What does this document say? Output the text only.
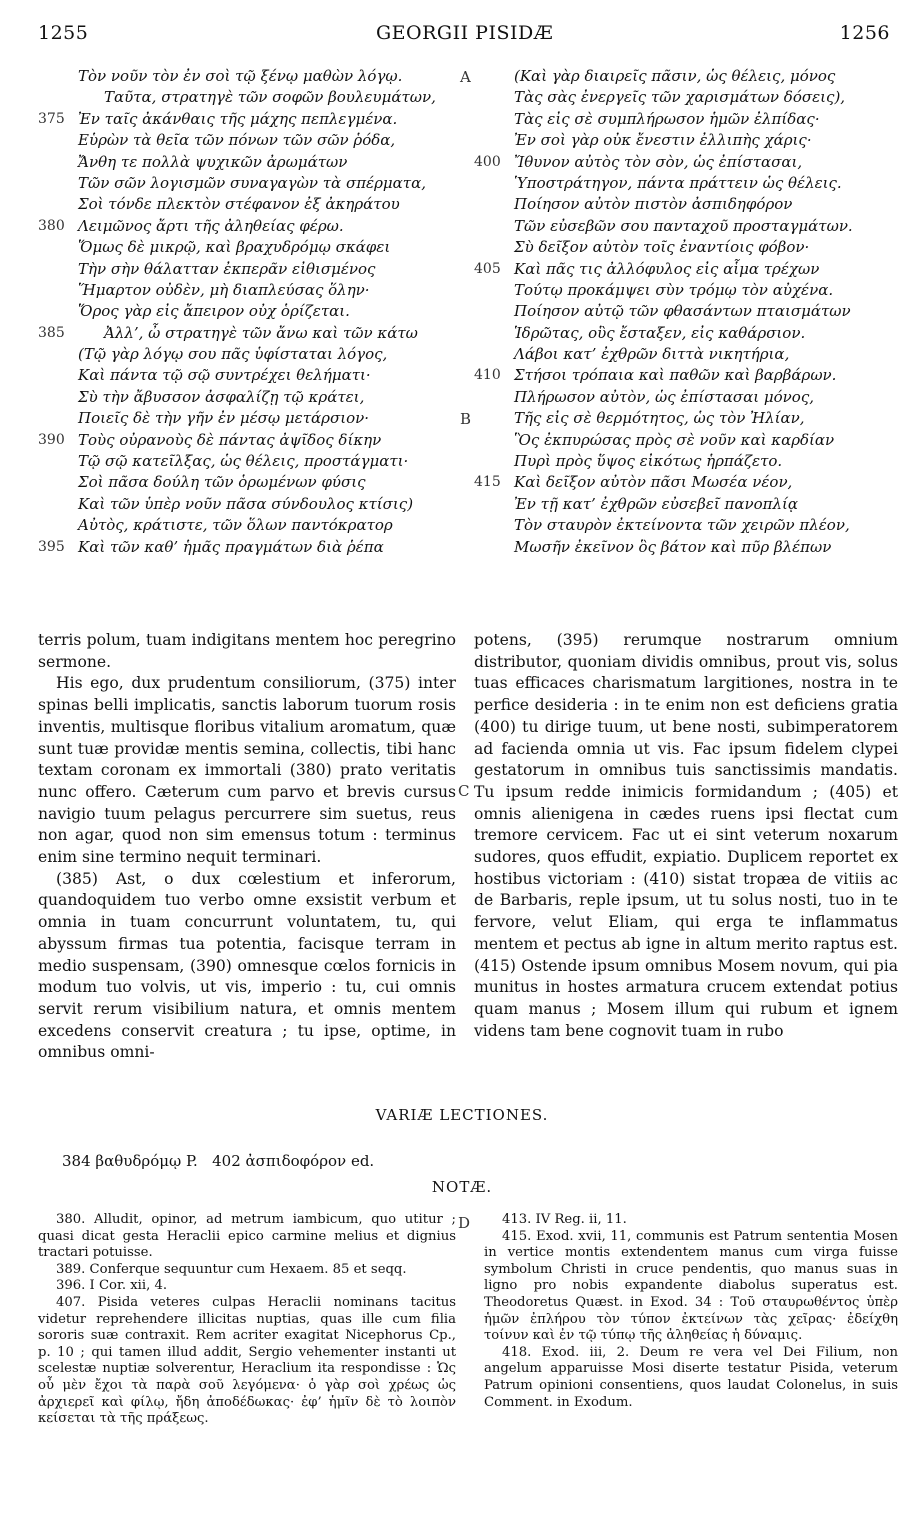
1255	GEORGII PISIDÆ	1256
Τὸν νοῦν τὸν ἐν σοὶ τῷ ξένῳ μαθὼν λόγῳ.
Ταῦτα, στρατηγὲ τῶν σοφῶν βουλευμάτων,
375 Ἐν ταῖς ἀκάνθαις τῆς μάχης πεπλεγμένα.
Εὑρὼν τὰ θεῖα τῶν πόνων τῶν σῶν ῥόδα,
Ἄνθη τε πολλὰ ψυχικῶν ἀρωμάτων
Τῶν σῶν λογισμῶν συναγαγὼν τὰ σπέρματα,
Σοὶ τόνδε πλεκτὸν στέφανον ἐξ ἀκηράτου
380 Λειμῶνος ἄρτι τῆς ἀληθείας φέρω.
Ὅμως δὲ μικρῷ, καὶ βραχυδρόμῳ σκάφει
Τὴν σὴν θάλατταν ἐκπερᾶν εἰθισμένος
Ἥμαρτον οὐδὲν, μὴ διαπλεύσας ὅλην·
Ὅρος γὰρ εἰς ἄπειρον οὐχ ὁρίζεται.
385	Ἀλλ’, ὦ στρατηγὲ τῶν ἄνω καὶ τῶν κάτω
(Τῷ γὰρ λόγῳ σου πᾶς ὑφίσταται λόγος,
Καὶ πάντα τῷ σῷ συντρέχει θελήματι·
Σὺ τὴν ἄβυσσον ἀσφαλίζῃ τῷ κράτει,
Ποιεῖς δὲ τὴν γῆν ἐν μέσῳ μετάρσιον·
390 Τοὺς οὐρανοὺς δὲ πάντας ἀψῖδος δίκην
Τῷ σῷ κατεῖλξας, ὡς θέλεις, προστάγματι·
Σοὶ πᾶσα δούλη τῶν ὁρωμένων φύσις
Καὶ τῶν ὑπὲρ νοῦν πᾶσα σύνδουλος κτίσις)
Αὐτὸς, κράτιστε, τῶν ὅλων παντόκρατορ
395 Καὶ τῶν καθ’ ἡμᾶς πραγμάτων διὰ ῥέπα
(Καὶ γὰρ διαιρεῖς πᾶσιν, ὡς θέλεις, μόνος
Τὰς σὰς ἐνεργεῖς τῶν χαρισμάτων δόσεις),
Τὰς εἰς σὲ συμπλήρωσον ἡμῶν ἐλπίδας·
Ἐν σοὶ γὰρ οὐκ ἔνεστιν ἐλλιπὴς χάρις·
400 Ἴθυνον αὐτὸς τὸν σὸν, ὡς ἐπίστασαι,
Ὑποστράτηγον, πάντα πράττειν ὡς θέλεις.
Ποίησον αὐτὸν πιστὸν ἀσπιδηφόρον
Τῶν εὐσεβῶν σου πανταχοῦ προσταγμάτων.
Σὺ δεῖξον αὐτὸν τοῖς ἐναντίοις φόβον·
405 Καὶ πᾶς τις ἀλλόφυλος εἰς αἷμα τρέχων
Τούτῳ προκάμψει σὺν τρόμῳ τὸν αὐχένα.
Ποίησον αὐτῷ τῶν φθασάντων πταισμάτων
Ἱδρῶτας, οὓς ἔσταξεν, εἰς καθάρσιον.
Λάβοι κατ’ ἐχθρῶν διττὰ νικητήρια,
410 Στήσοι τρόπαια καὶ παθῶν καὶ βαρβάρων.
Πλήρωσον αὐτὸν, ὡς ἐπίστασαι μόνος,
Τῆς εἰς σὲ θερμότητος, ὡς τὸν Ἠλίαν,
Ὃς ἐκπυρώσας πρὸς σὲ νοῦν καὶ καρδίαν
Πυρὶ πρὸς ὕψος εἰκότως ἡρπάζετο.
415 Καὶ δεῖξον αὐτὸν πᾶσι Μωσέα νέον,
Ἐν τῇ κατ’ ἐχθρῶν εὐσεβεῖ πανοπλίᾳ
Τὸν σταυρὸν ἐκτείνοντα τῶν χειρῶν πλέον,
Μωσῆν ἐκεῖνον ὃς βάτον καὶ πῦρ βλέπων
A
B
C
D

terris polum, tuam indigitans mentem hoc peregrino sermone.

His ego, dux prudentum consiliorum, (375) inter spinas belli implicatis, sanctis laborum tuorum rosis inventis, multisque floribus vitalium aromatum, quæ sunt tuæ providæ mentis semina, collectis, tibi hanc textam coronam ex immortali (380) prato veritatis nunc offero. Cæterum cum parvo et brevis cursus navigio tuum pelagus percurrere sim suetus, reus non agar, quod non sim emensus totum : terminus enim sine termino nequit terminari.

(385) Ast, o dux cœlestium et inferorum, quandoquidem tuo verbo omne exsistit verbum et omnia in tuam concurrunt voluntatem, tu, qui abyssum firmas tua potentia, facisque terram in medio suspensam, (390) omnesque cœlos fornicis in modum tuo volvis, ut vis, imperio : tu, cui omnis servit rerum visibilium natura, et omnis mentem excedens conservit creatura ; tu ipse, optime, in omnibus omni-

potens, (395) rerumque nostrarum omnium distributor, quoniam dividis omnibus, prout vis, solus tuas efficaces charismatum largitiones, nostra in te perfice desideria : in te enim non est deficiens gratia (400) tu dirige tuum, ut bene nosti, subimperatorem ad facienda omnia ut vis. Fac ipsum fidelem clypei gestatorum in omnibus tuis sanctissimis mandatis. Tu ipsum redde inimicis formidandum ; (405) et omnis alienigena in cædes ruens ipsi flectat cum tremore cervicem. Fac ut ei sint veterum noxarum sudores, quos effudit, expiatio. Duplicem reportet ex hostibus victoriam : (410) sistat tropæa de vitiis ac de Barbaris, reple ipsum, ut tu solus nosti, tuo in te fervore, velut Eliam, qui erga te inflammatus mentem et pectus ab igne in altum merito raptus est. (415) Ostende ipsum omnibus Mosem novum, qui pia munitus in hostes armatura crucem extendat potius quam manus ; Mosem illum qui rubum et ignem videns tam bene cognovit tuam in rubo

VARIÆ LECTIONES.
384 βαθυδρόμῳ P.   402 ἀσπιδοφόρον ed.
NOTÆ.

380. Alludit, opinor, ad metrum iambicum, quo utitur ; quasi dicat gesta Heraclii epico carmine melius et dignius tractari potuisse.

389. Conferque sequuntur cum Hexaem. 85 et seqq.

396. I Cor. xii, 4.

407. Pisida veteres culpas Heraclii nominans tacitus videtur reprehendere illicitas nuptias, quas ille cum filia sororis suæ contraxit. Rem acriter exagitat Nicephorus Cp., p. 10 ; qui tamen illud addit, Sergio vehementer instanti ut scelestæ nuptiæ solverentur, Heraclium ita respondisse : Ὡς οὖ μὲν ἔχοι τὰ παρὰ σοῦ λεγόμενα· ὁ γὰρ σοὶ χρέως ὡς ἀρχιερεῖ καὶ φίλῳ, ἤδη ἀποδέδωκας· ἐφ’ ἡμῖν δὲ τὸ λοιπὸν κείσεται τὰ τῆς πράξεως.

413. IV Reg. ii, 11.

415. Exod. xvii, 11, communis est Patrum sententia Mosen in vertice montis extendentem manus cum virga fuisse symbolum Christi in cruce pendentis, quo manus suas in ligno pro nobis expandente diabolus superatus est. Theodoretus Quæst. in Exod. 34 : Τοῦ σταυρωθέντος ὑπὲρ ἡμῶν ἐπλήρου τὸν τύπον ἐκτείνων τὰς χεῖρας· ἐδείχθη τοίνυν καὶ ἐν τῷ τύπῳ τῆς ἀληθείας ἡ δύναμις.

418. Exod. iii, 2. Deum re vera vel Dei Filium, non angelum apparuisse Mosi diserte testatur Pisida, veterum Patrum opinioni consentiens, quos laudat Colonelus, in suis Comment. in Exodum.
